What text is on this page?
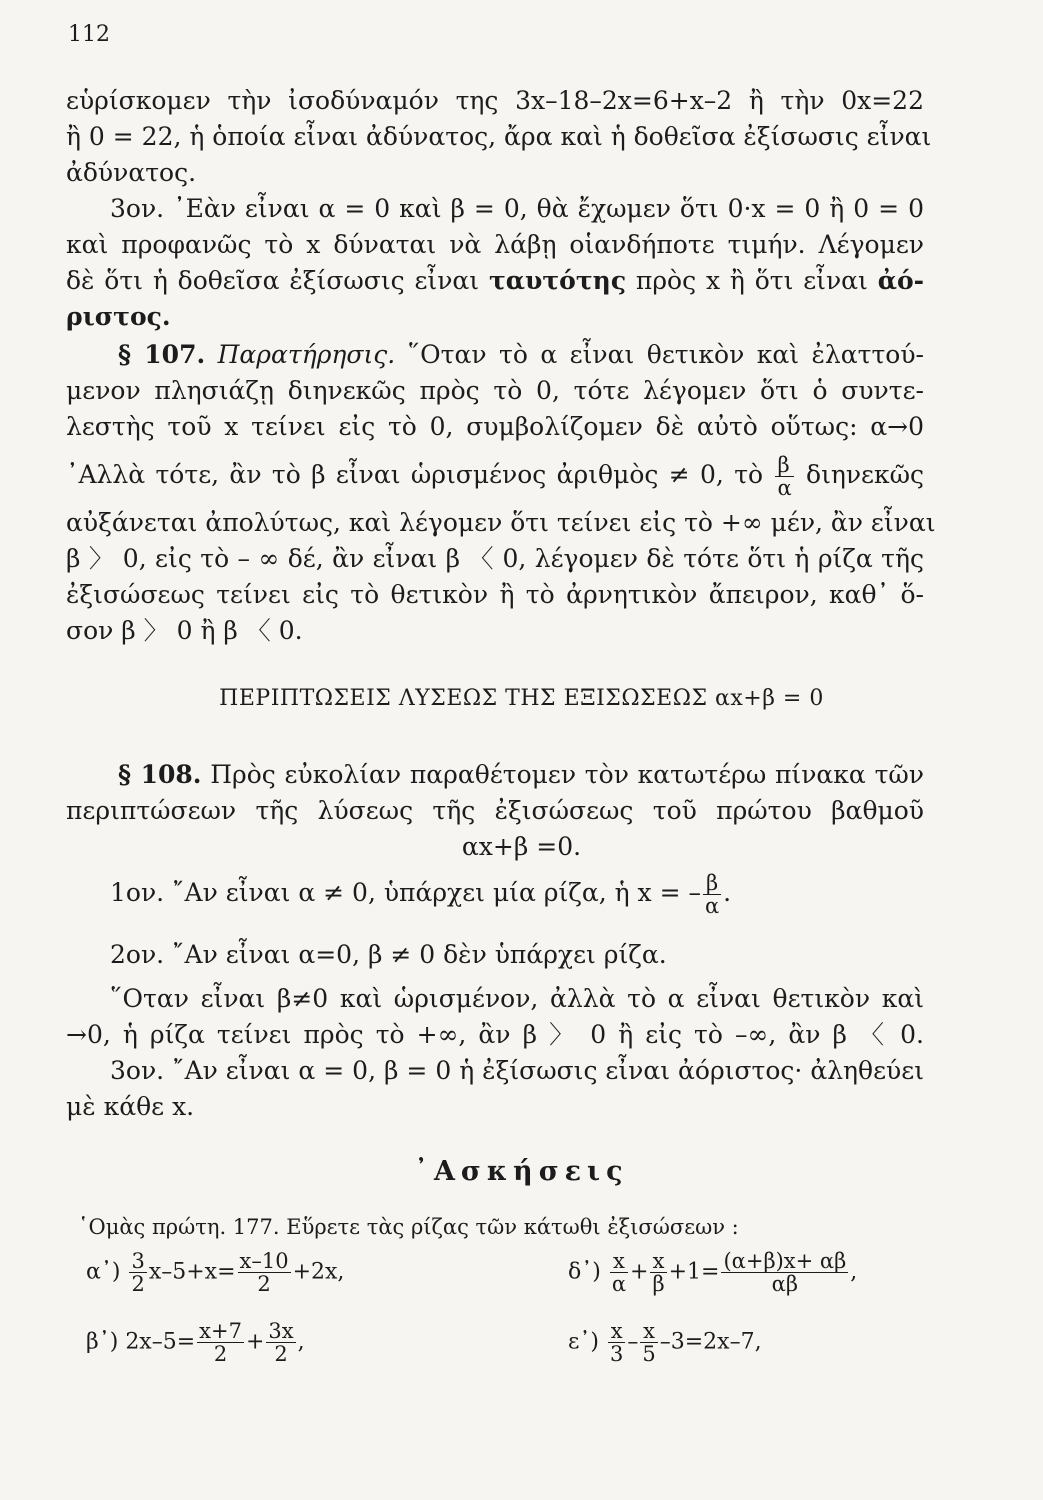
112
εὑρίσκομεν τὴν ἰσοδύναμόν της 3x–18–2x=6+x–2 ἢ τὴν 0x=22
ἢ 0 = 22, ἡ ὁποία εἶναι ἀδύνατος, ἄρα καὶ ἡ δοθεῖσα ἐξίσωσις εἶναι
ἀδύνατος.
3ον. ᾿Εὰν εἶναι α = 0 καὶ β = 0, θὰ ἔχωμεν ὅτι 0·x = 0 ἢ 0 = 0
καὶ προφανῶς τὸ x δύναται νὰ λάβῃ οἱανδήποτε τιμήν. Λέγομεν
δὲ ὅτι ἡ δοθεῖσα ἐξίσωσις εἶναι ταυτότης πρὸς x ἢ ὅτι εἶναι ἀό-
ριστος.
§ 107. Παρατήρησις. ῞Οταν τὸ α εἶναι θετικὸν καὶ ἐλαττού-
μενον πλησιάζῃ διηνεκῶς πρὸς τὸ 0, τότε λέγομεν ὅτι ὁ συντε-
λεστὴς τοῦ x τείνει εἰς τὸ 0, συμβολίζομεν δὲ αὐτὸ οὕτως: α→0
᾿Αλλὰ τότε, ἂν τὸ β εἶναι ὡρισμένος ἀριθμὸς ≠ 0, τὸ $\frac{\beta}{\alpha}$ διηνεκῶς
αὐξάνεται ἀπολύτως, καὶ λέγομεν ὅτι τείνει εἰς τὸ +∞ μέν, ἂν εἶναι
β 〉 0, εἰς τὸ – ∞ δέ, ἂν εἶναι β 〈 0, λέγομεν δὲ τότε ὅτι ἡ ρίζα τῆς
ἐξισώσεως τείνει εἰς τὸ θετικὸν ἢ τὸ ἀρνητικὸν ἄπειρον, καθ᾿ ὅ-
σον β 〉 0 ἢ β 〈 0.
ΠΕΡΙΠΤΩΣΕΙΣ ΛΥΣΕΩΣ ΤΗΣ ΕΞΙΣΩΣΕΩΣ αx+β = 0
§ 108. Πρὸς εὐκολίαν παραθέτομεν τὸν κατωτέρω πίνακα τῶν
περιπτώσεων τῆς λύσεως τῆς ἐξισώσεως τοῦ πρώτου βαθμοῦ
αx+β =0.
1ον. ῎Αν εἶναι α ≠ 0, ὑπάρχει μία ρίζα, ἡ x = – $\frac{\beta}{\alpha}$ .
2ον. ῎Αν εἶναι α=0, β ≠ 0 δὲν ὑπάρχει ρίζα.
῞Οταν εἶναι β≠0 καὶ ὡρισμένον, ἀλλὰ τὸ α εἶναι θετικὸν καὶ
→0, ἡ ρίζα τείνει πρὸς τὸ +∞, ἂν β 〉 0 ἢ εἰς τὸ –∞, ἂν β 〈 0.
3ον. ῎Αν εἶναι α = 0, β = 0 ἡ ἐξίσωσις εἶναι ἀόριστος· ἀληθεύει
μὲ κάθε x.
᾿Ασκήσεις
῾Ομὰς πρώτη. 177. Εὕρετε τὰς ρίζας τῶν κάτωθι ἐξισώσεων :
α᾿) $\frac{3}{2} x-5+x= \frac{x-10}{2} +2x$,
β᾿) $2x-5= \frac{x+7}{2} + \frac{3x}{2}$ ,
δ᾿) $\frac{x}{\alpha} + \frac{x}{\beta} +1= \frac{(\alpha+\beta)x+ \alpha\beta}{\alpha\beta}$ ,
ε᾿) $\frac{x}{3} - \frac{x}{5} -3=2x-7$,
